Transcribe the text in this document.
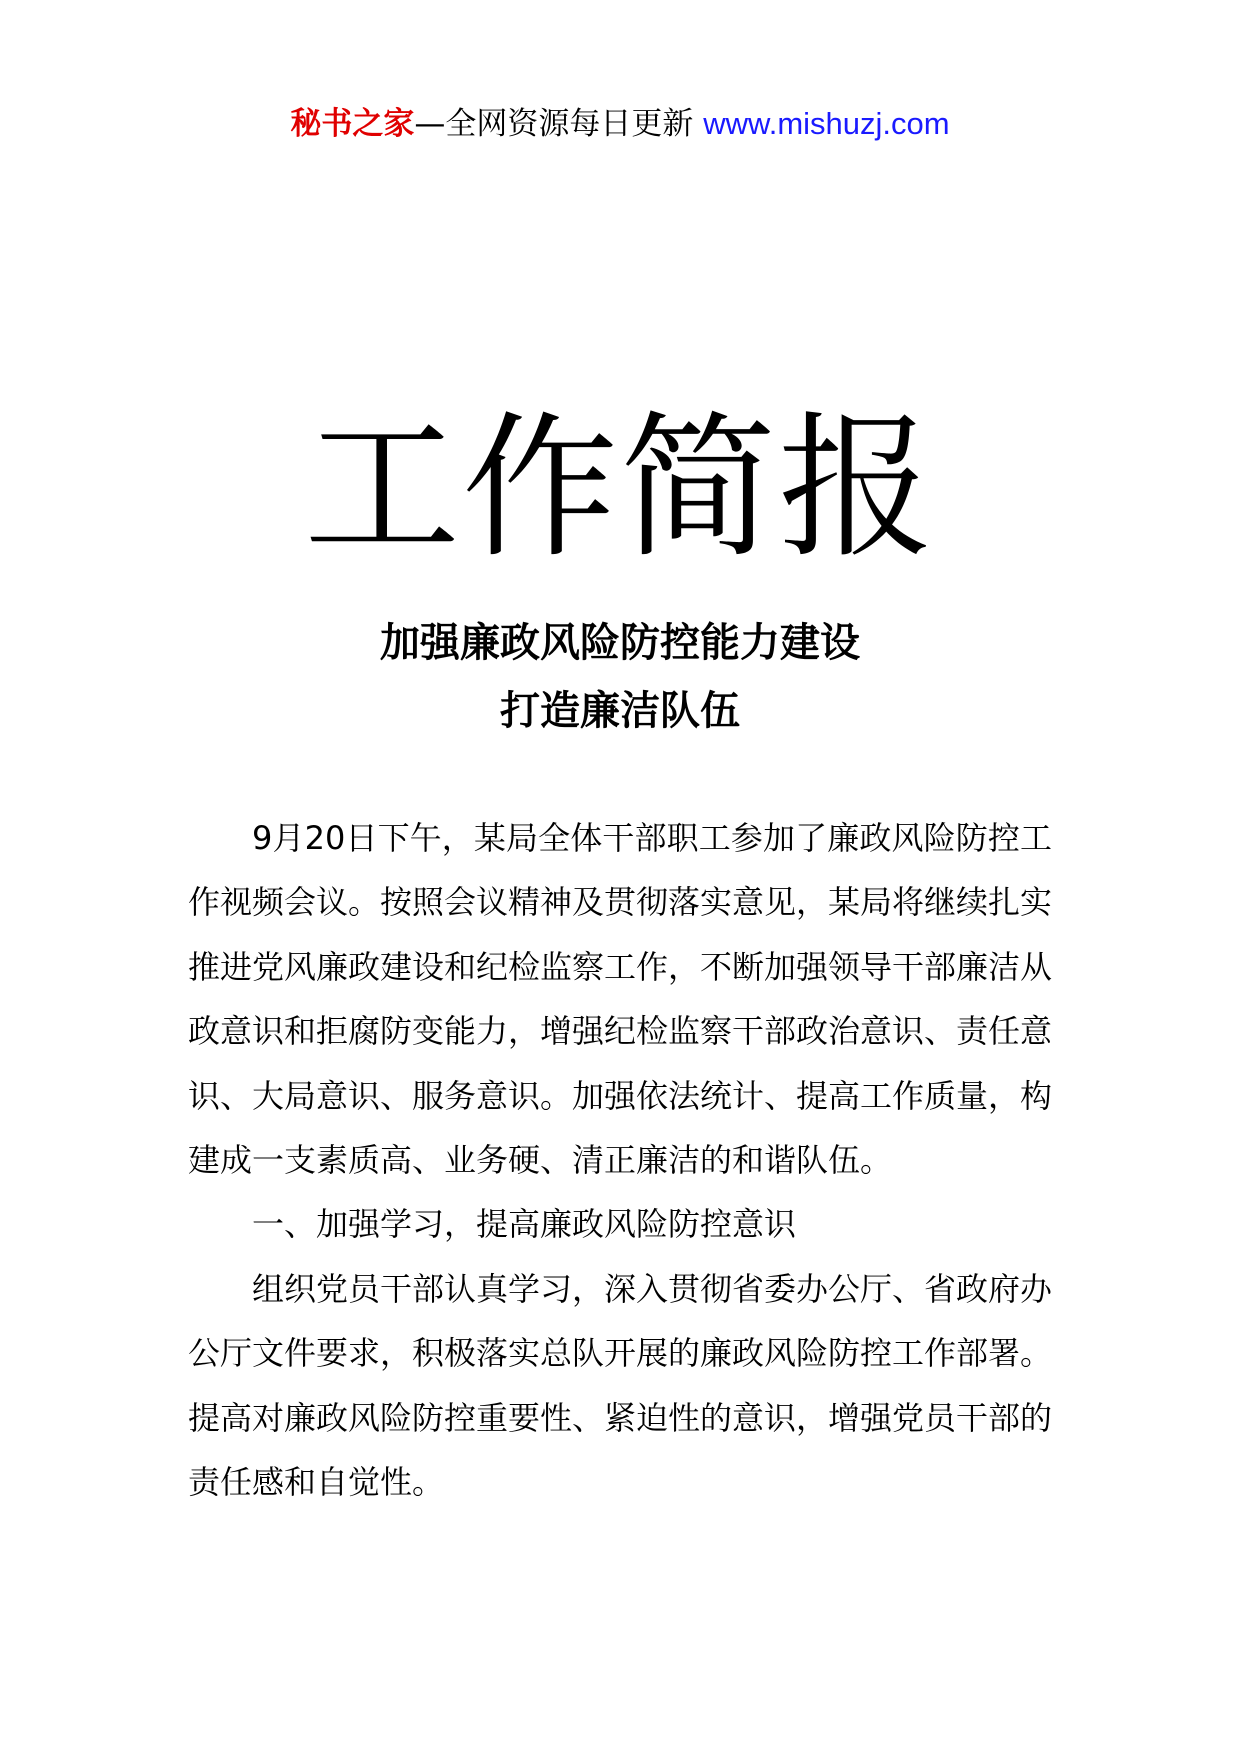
秘书之家—全网资源每日更新 www.mishuzj.com
工作简报
加强廉政风险防控能力建设
打造廉洁队伍

9月20日下午，某局全体干部职工参加了廉政风险防控工作视频会议。按照会议精神及贯彻落实意见，某局将继续扎实推进党风廉政建设和纪检监察工作，不断加强领导干部廉洁从政意识和拒腐防变能力，增强纪检监察干部政治意识、责任意识、大局意识、服务意识。加强依法统计、提高工作质量，构建成一支素质高、业务硬、清正廉洁的和谐队伍。

一、加强学习，提高廉政风险防控意识

组织党员干部认真学习，深入贯彻省委办公厅、省政府办公厅文件要求，积极落实总队开展的廉政风险防控工作部署。提高对廉政风险防控重要性、紧迫性的意识，增强党员干部的责任感和自觉性。
